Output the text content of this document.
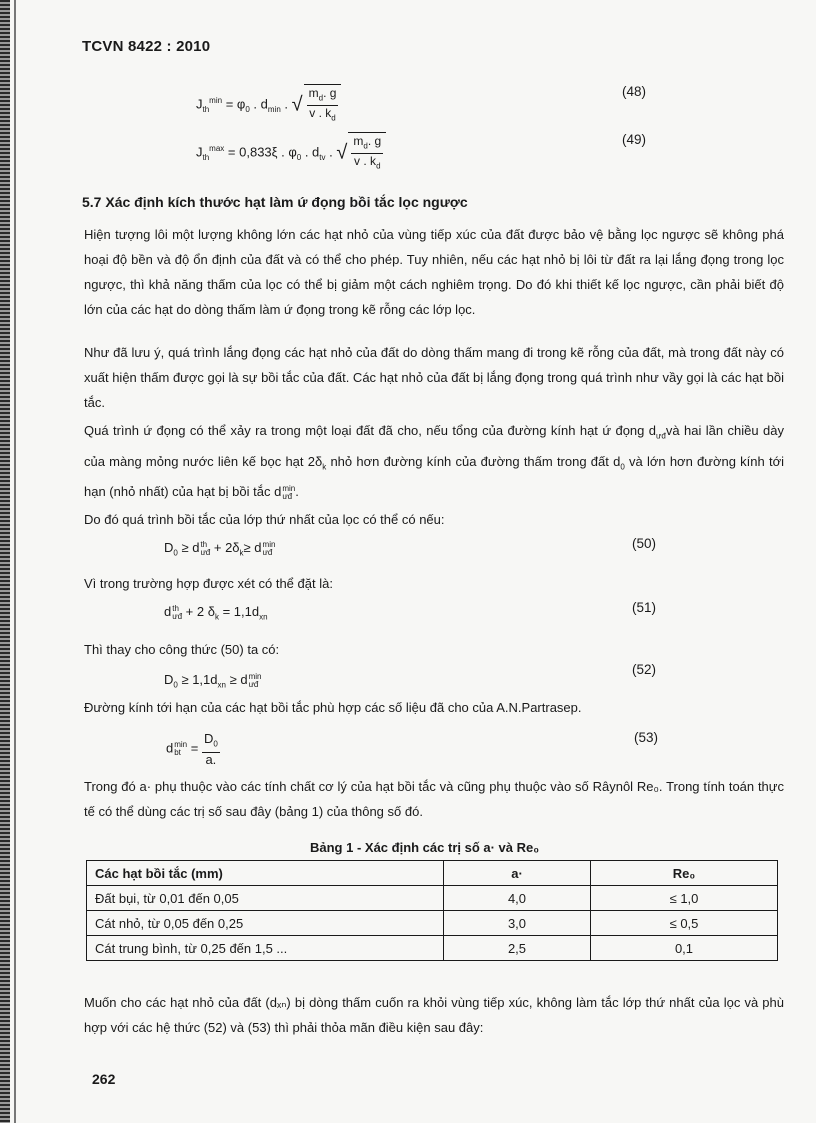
TCVN 8422 : 2010
$J_{th}^{min} = \varphi_0$ . $d_{min}$ . √ $\frac{m_d. g}{v . k_d}$	(48)
$J_{th}^{max} = 0,833\xi$ . $\varphi_0$ . $d_{tv}$ . √ $\frac{m_d. g}{v . k_d}$	(49)
5.7 Xác định kích thước hạt làm ứ đọng bồi tắc lọc ngược
Hiện tượng lôi một lượng không lớn các hạt nhỏ của vùng tiếp xúc của đất được bảo vệ bằng lọc ngược sẽ không phá hoại độ bền và độ ổn định của đất và có thể cho phép. Tuy nhiên, nếu các hạt nhỏ bị lôi từ đất ra lại lắng đọng trong lọc ngược, thì khả năng thấm của lọc có thể bị giảm một cách nghiêm trọng. Do đó khi thiết kế lọc ngược, cần phải biết độ lớn của các hạt do dòng thấm làm ứ đọng trong kẽ rỗng các lớp lọc.
Như đã lưu ý, quá trình lắng đọng các hạt nhỏ của đất do dòng thấm mang đi trong kẽ rỗng của đất, mà trong đất này có xuất hiện thấm được gọi là sự bồi tắc của đất. Các hạt nhỏ của đất bị lắng đọng trong quá trình như vầy gọi là các hạt bồi tắc.
Quá trình ứ đọng có thể xảy ra trong một loại đất đã cho, nếu tổng của đường kính hạt ứ đọng $d_{ưđ}và$ hai lần chiều dày của màng mỏng nước liên kế bọc hạt $2\delta_k$ nhỏ hơn đường kính của đường thấm trong đất $d_0$ và lớn hơn đường kính tới hạn (nhỏ nhất) của hạt bị bồi tắc d min
ưđ .
Do đó quá trình bồi tắc của lớp thứ nhất của lọc có thể có nếu:
$D_0 \ge d$ th
ưđ + $2\delta_k\ge d$ min
ưđ
(50)
Vì trong trường hợp được xét có thể đặt là:
d th
ưđ + 2 $\delta_k = 1,1d_{xn}$
(51)
Thì thay cho công thức (50) ta có:
$D_0 \ge 1,1d_{xn} \ge d$ min
ưđ
(52)
Đường kính tới hạn của các hạt bồi tắc phù hợp các số liệu đã cho của A.N.Partrasep.
d min
bt = $\frac{D_0}{a.}$	(53)
Trong đó a· phụ thuộc vào các tính chất cơ lý của hạt bồi tắc và cũng phụ thuộc vào số Râynôl Re₀. Trong tính toán thực tế có thể dùng các trị số sau đây (bảng 1) của thông số đó.
Bảng 1 - Xác định các trị số a· và Re₀
Các hạt bồi tắc (mm)	a·	Re₀
Đất bụi, từ 0,01 đến 0,05	4,0	≤ 1,0
Cát nhỏ, từ 0,05 đến 0,25	3,0	≤ 0,5
Cát trung bình, từ 0,25 đến 1,5 ...	2,5	0,1
Muốn cho các hạt nhỏ của đất (dₓₙ) bị dòng thấm cuốn ra khỏi vùng tiếp xúc, không làm tắc lớp thứ nhất của lọc và phù hợp với các hệ thức (52) và (53) thì phải thỏa mãn điều kiện sau đây:
262
